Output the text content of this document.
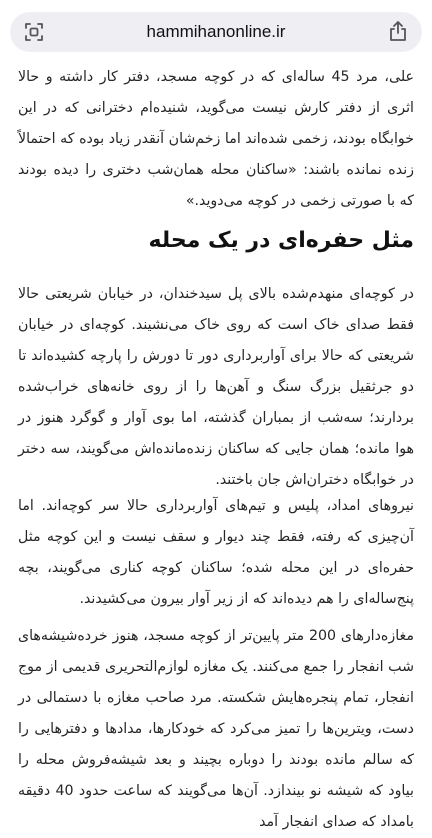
hammihanonline.ir

علی، مرد 45 ساله‌ای که در کوچه مسجد، دفتر کار داشته و حالا اثری از دفتر کارش نیست می‌گوید، شنیده‌ام دخترانی که در این خوابگاه بودند، زخمی شده‌اند اما زخم‌شان آنقدر زیاد بوده که احتمالاً زنده نمانده باشند: «ساکنان محله همان‌شب دختری را دیده بودند که با صورتی زخمی در کوچه می‌دوید.»

مثل حفره‌ای در یک محله

در کوچه‌ای منهدم‌شده بالای پل سیدخندان، در خیابان شریعتی حالا فقط صدای خاک است که روی خاک می‌نشیند. کوچه‌ای در خیابان شریعتی که حالا برای آواربرداری دور تا دورش را پارچه کشیده‌اند تا دو جرثقیل بزرگ سنگ و آهن‌ها را از روی خانه‌های خراب‌شده بردارند؛ سه‌شب از بمباران گذشته، اما بوی آوار و گوگرد هنوز در هوا مانده؛ همان جایی که ساکنان زنده‌مانده‌اش می‌گویند، سه دختر در خوابگاه دختران‌اش جان باختند.

نیروهای امداد، پلیس و تیم‌های آواربرداری حالا سر کوچه‌اند. اما آن‌چیزی که رفته، فقط چند دیوار و سقف نیست و این کوچه مثل حفره‌ای در این محله شده؛ ساکنان کوچه کناری می‌گویند، بچه پنج‌ساله‌ای را هم دیده‌اند که از زیر آوار بیرون می‌کشیدند.

مغازه‌دارهای 200 متر پایین‌تر از کوچه مسجد، هنوز خرده‌شیشه‌های شب انفجار را جمع می‌کنند. یک مغازه لوازم‌التحریری قدیمی از موج انفجار، تمام پنجره‌هایش شکسته. مرد صاحب مغازه با دستمالی در دست، ویترین‌ها را تمیز می‌کرد که خودکارها، مدادها و دفترهایی را که سالم مانده بودند را دوباره بچیند و بعد شیشه‌فروش محله را بیاود که شیشه نو بیندازد. آن‌ها می‌گویند که ساعت حدود 40 دقیقه بامداد که صدای انفجار آمد
